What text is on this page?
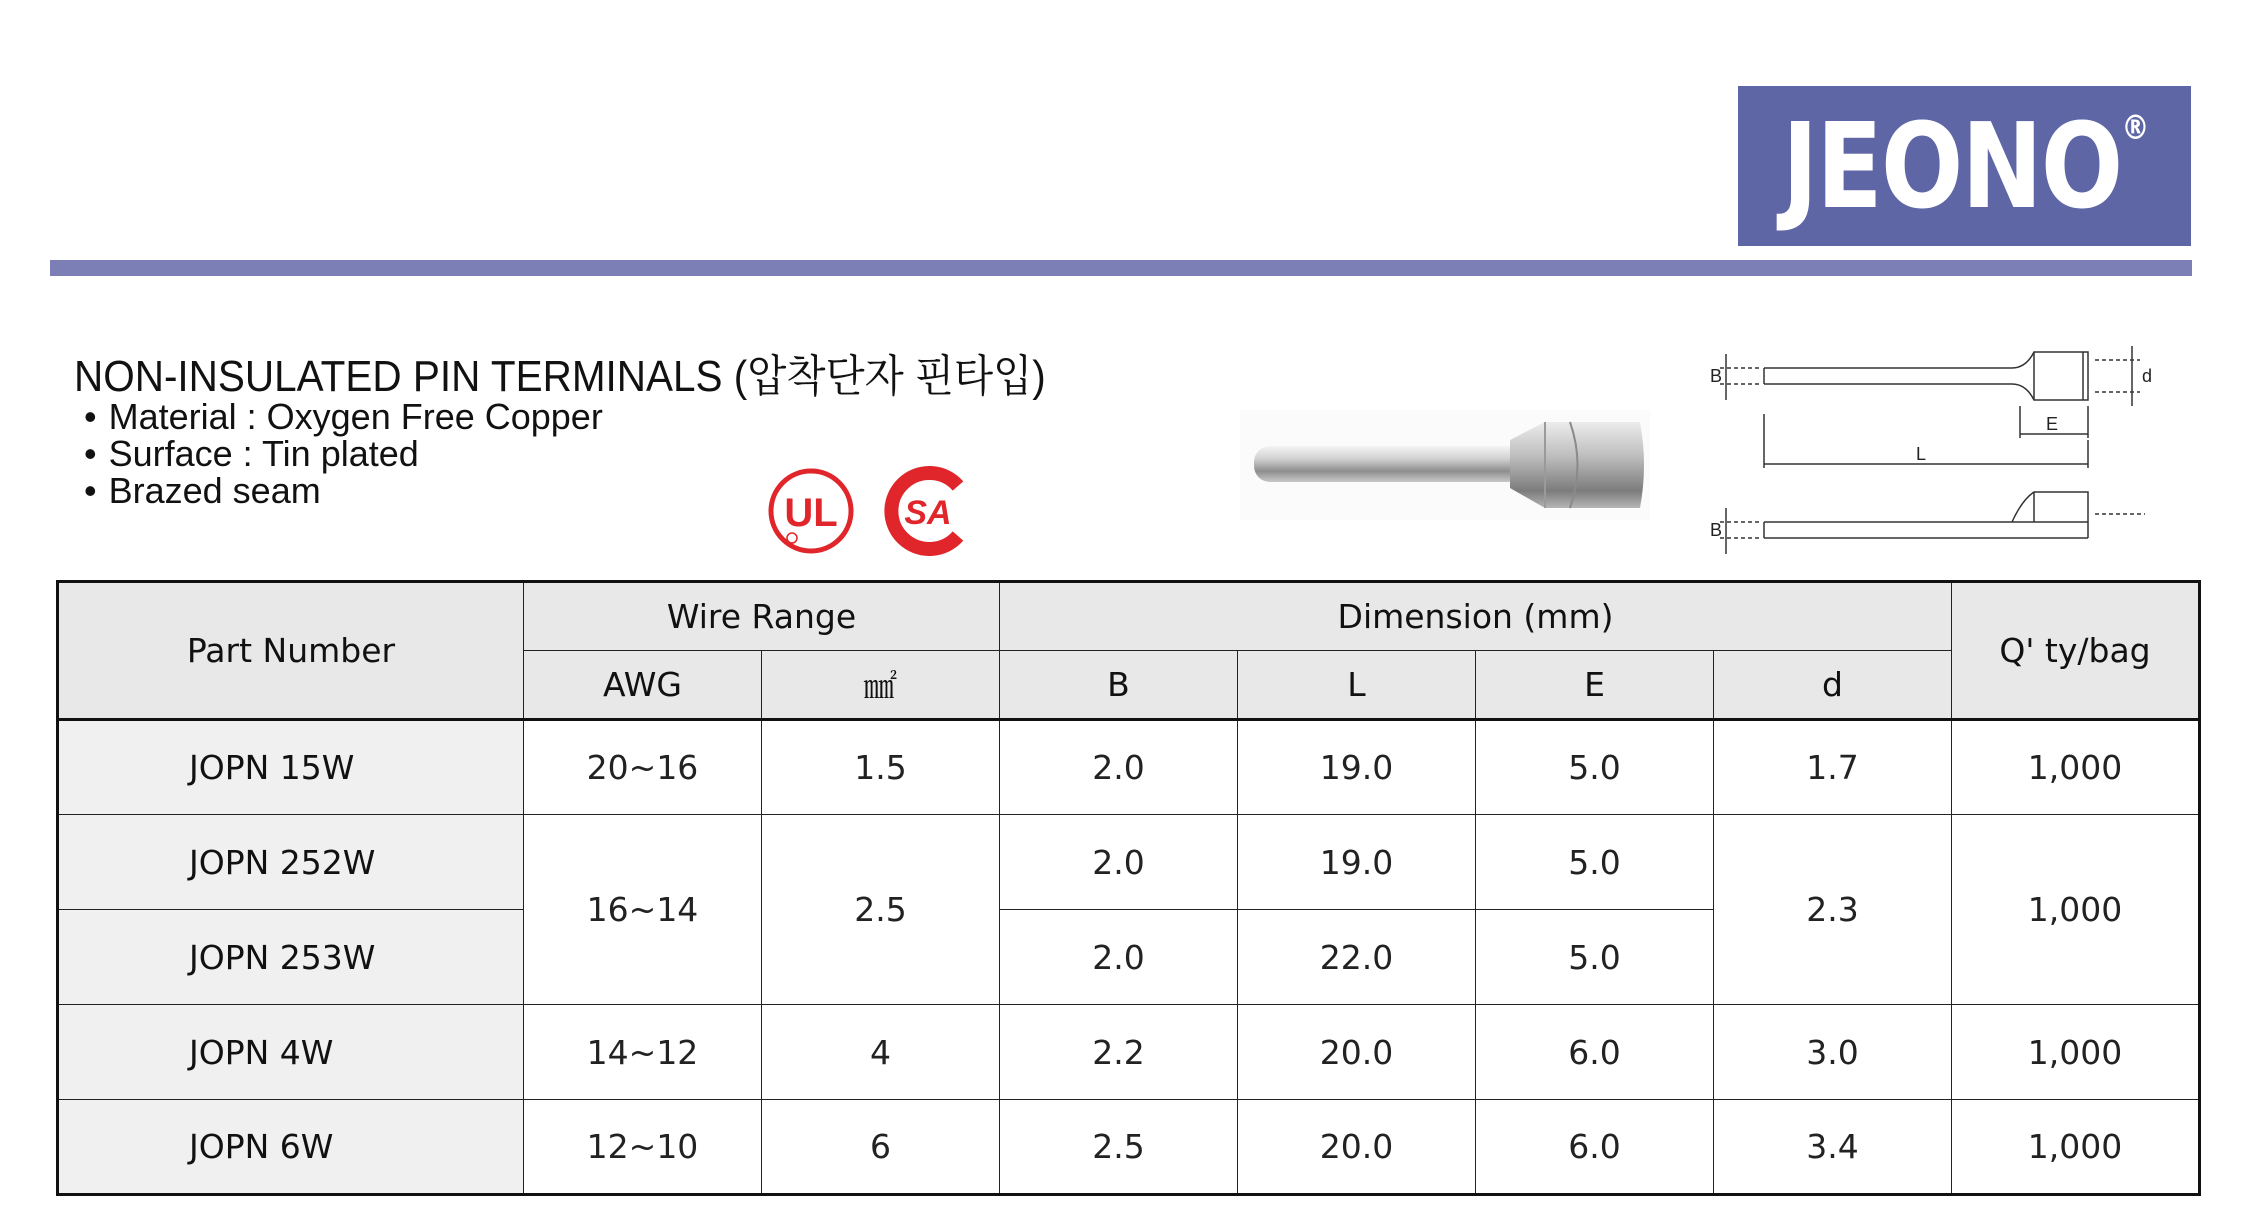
JEONO®
NON-INSULATED PIN TERMINALS (압착단자 핀타입)
• Material : Oxygen Free Copper
• Surface : Tin plated
• Brazed seam
UL SA
B	d
E
L
B
Part Number	Wire Range		Dimension (mm)				Q' ty/bag
	AWG	㎟	B	L	E	d	
JOPN 15W	20~16	1.5	2.0	19.0	5.0	1.7	1,000
JOPN 252W	16~14	2.5	2.0	19.0	5.0	2.3	1,000
JOPN 253W			2.0	22.0	5.0		
JOPN 4W	14~12	4	2.2	20.0	6.0	3.0	1,000
JOPN 6W	12~10	6	2.5	20.0	6.0	3.4	1,000
